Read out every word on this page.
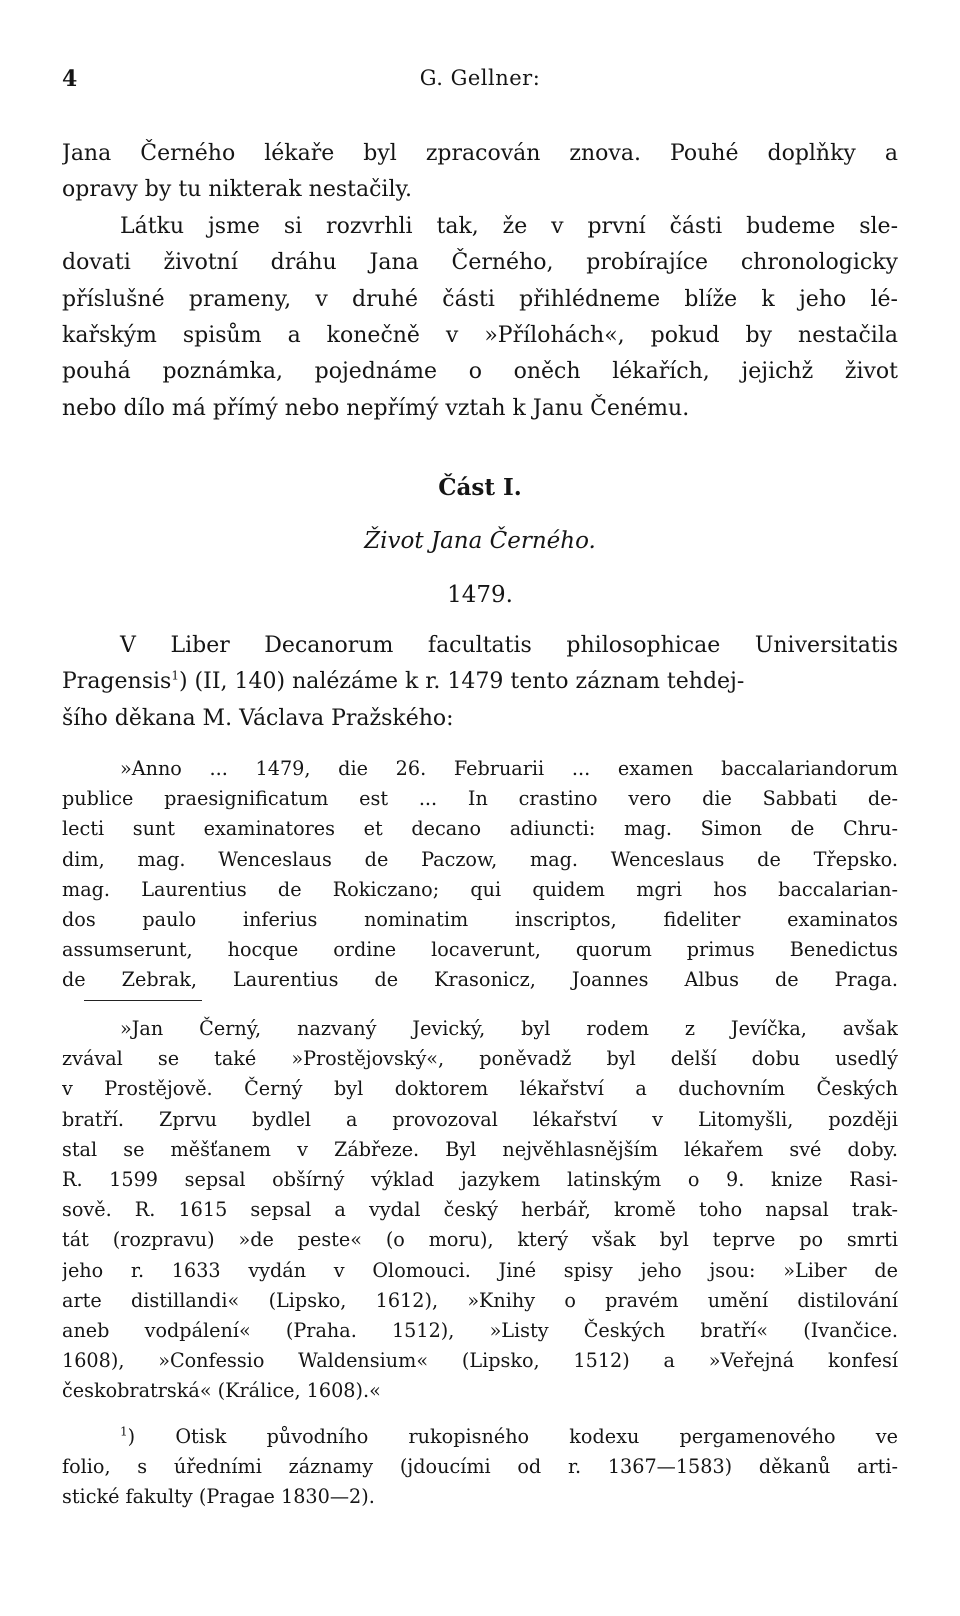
4	G. Gellner:
Jana Černého lékaře byl zpracován znova. Pouhé doplňky a
opravy by tu nikterak nestačily.
Látku jsme si rozvrhli tak, že v první části budeme sle-
dovati životní dráhu Jana Černého, probírajíce chronologicky
příslušné prameny, v druhé části přihlédneme blíže k jeho lé-
kařským spisům a konečně v »Přílohách«, pokud by nestačila
pouhá poznámka, pojednáme o oněch lékařích, jejichž život
nebo dílo má přímý nebo nepřímý vztah k Janu Čenému.
Část I.
Život Jana Černého.
1479.
V Liber Decanorum facultatis philosophicae Universitatis
Pragensis$^1$) (II, 140) nalézáme k r. 1479 tento záznam tehdej-
šího děkana M. Václava Pražského:
»Anno ... 1479, die 26. Februarii ... examen baccalariandorum
publice praesignificatum est ... In crastino vero die Sabbati de-
lecti sunt examinatores et decano adiuncti: mag. Simon de Chru-
dim, mag. Wenceslaus de Paczow, mag. Wenceslaus de Třepsko.
mag. Laurentius de Rokiczano; qui quidem mgri hos baccalarian-
dos paulo inferius nominatim inscriptos, fideliter examinatos
assumserunt, hocque ordine locaverunt, quorum primus Benedictus
de Zebrak, Laurentius de Krasonicz, Joannes Albus de Praga.
»Jan Černý, nazvaný Jevický, byl rodem z Jevíčka, avšak
zvával se také »Prostějovský«, poněvadž byl delší dobu usedlý
v Prostějově. Černý byl doktorem lékařství a duchovním Českých
bratří. Zprvu bydlel a provozoval lékařství v Litomyšli, později
stal se měšťanem v Zábřeze. Byl nejvěhlasnějším lékařem své doby.
R. 1599 sepsal obšírný výklad jazykem latinským o 9. knize Rasi-
sově. R. 1615 sepsal a vydal český herbář, kromě toho napsal trak-
tát (rozpravu) »de peste« (o moru), který však byl teprve po smrti
jeho r. 1633 vydán v Olomouci. Jiné spisy jeho jsou: »Liber de
arte distillandi« (Lipsko, 1612), »Knihy o pravém umění distilování
aneb vodpálení« (Praha. 1512), »Listy Českých bratří« (Ivančice.
1608), »Confessio Waldensium« (Lipsko, 1512) a »Veřejná konfesí
českobratrská« (Králice, 1608).«
$^1$) Otisk původního rukopisného kodexu pergamenového ve
folio, s úředními záznamy (jdoucími od r. 1367—1583) děkanů arti-
stické fakulty (Pragae 1830—2).
